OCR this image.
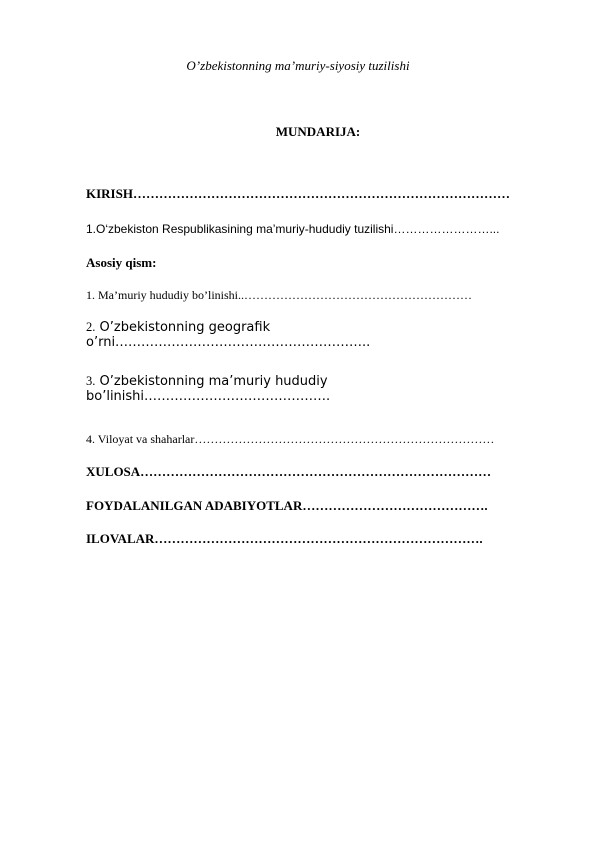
O’zbekistonning ma’muriy-siyosiy tuzilishi
MUNDARIJA:
KIRISH……………………………………………………………………………
1.O‘zbekiston Respublikasining ma’muriy-hududiy tuzilishi……………………...
Asosiy qism:
1. Ma’muriy hududiy bo’linishi..…………………………………………………
2. O’zbekistonning geografik
o’rni…………………………………………………..
3. O’zbekistonning ma’muriy hududiy
bo’linishi…………………………………….
4. Viloyat va shaharlar…………………………………………………………………
XULOSA………………………………………………………………………
FOYDALANILGAN ADABIYOTLAR…………………………………….
ILOVALAR………………………………………………………………….
